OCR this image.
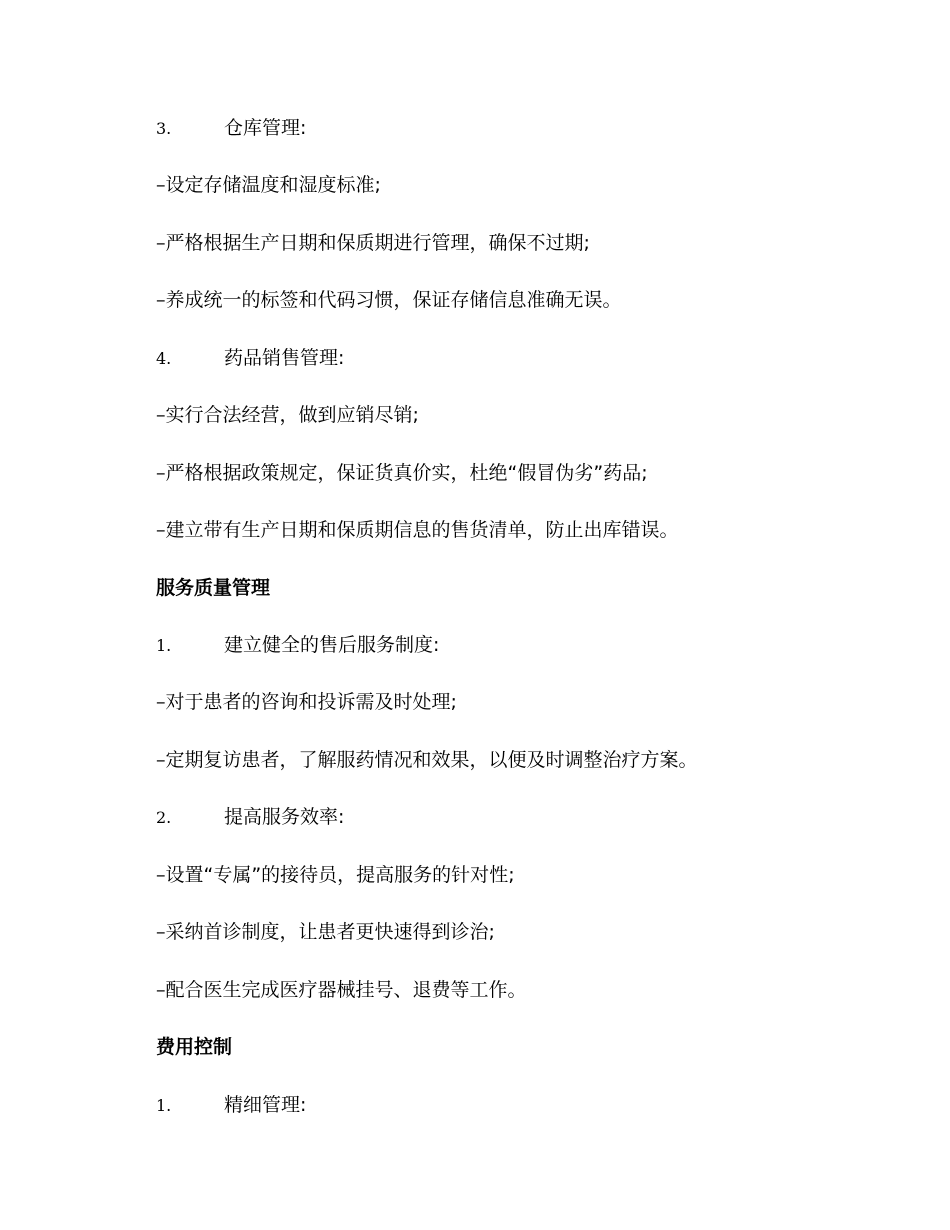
3.	仓库管理:
–设定存储温度和湿度标准;
–严格根据生产日期和保质期进行管理，确保不过期;
–养成统一的标签和代码习惯，保证存储信息准确无误。
4.	药品销售管理:
–实行合法经营，做到应销尽销;
–严格根据政策规定，保证货真价实，杜绝“假冒伪劣”药品;
–建立带有生产日期和保质期信息的售货清单，防止出库错误。
服务质量管理
1.	建立健全的售后服务制度:
–对于患者的咨询和投诉需及时处理;
–定期复访患者，了解服药情况和效果，以便及时调整治疗方案。
2.	提高服务效率:
–设置“专属”的接待员，提高服务的针对性;
–采纳首诊制度，让患者更快速得到诊治;
–配合医生完成医疗器械挂号、退费等工作。
费用控制
1.	精细管理:
